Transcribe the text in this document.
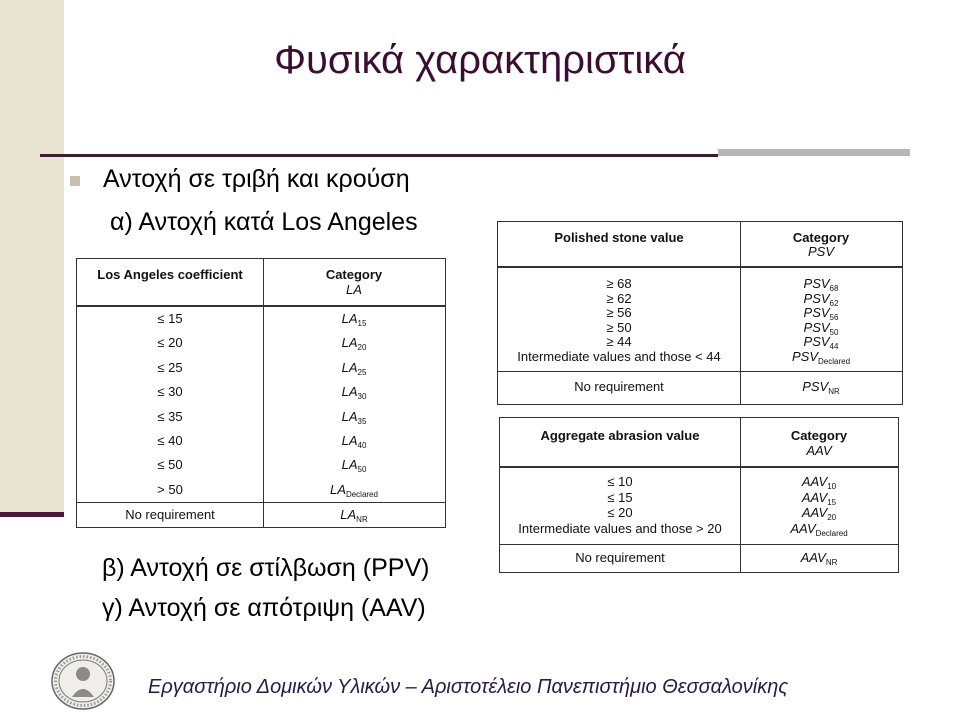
Φυσικά χαρακτηριστικά
Αντοχή σε τριβή και κρούση
α) Αντοχή κατά Los Angeles
Los Angeles coefficient	Category
LA
≤ 15	$LA_{15}$
≤ 20	$LA_{20}$
≤ 25	$LA_{25}$
≤ 30	$LA_{30}$
≤ 35	$LA_{35}$
≤ 40	$LA_{40}$
≤ 50	$LA_{50}$
> 50	$LA_{Declared}$
No requirement	$LA_{NR}$
Polished stone value	Category
PSV
≥ 68	$PSV_{68}$
≥ 62	$PSV_{62}$
≥ 56	$PSV_{56}$
≥ 50	$PSV_{50}$
≥ 44	$PSV_{44}$
Intermediate values and those < 44	$PSV_{Declared}$
No requirement	$PSV_{NR}$
Aggregate abrasion value	Category
AAV
≤ 10	$AAV_{10}$
≤ 15	$AAV_{15}$
≤ 20	$AAV_{20}$
Intermediate values and those > 20	$AAV_{Declared}$
No requirement	$AAV_{NR}$
β) Αντοχή σε στίλβωση (PPV)
γ) Αντοχή σε απότριψη (AAV)
Εργαστήριο Δομικών Υλικών – Αριστοτέλειο Πανεπιστήμιο Θεσσαλονίκης
